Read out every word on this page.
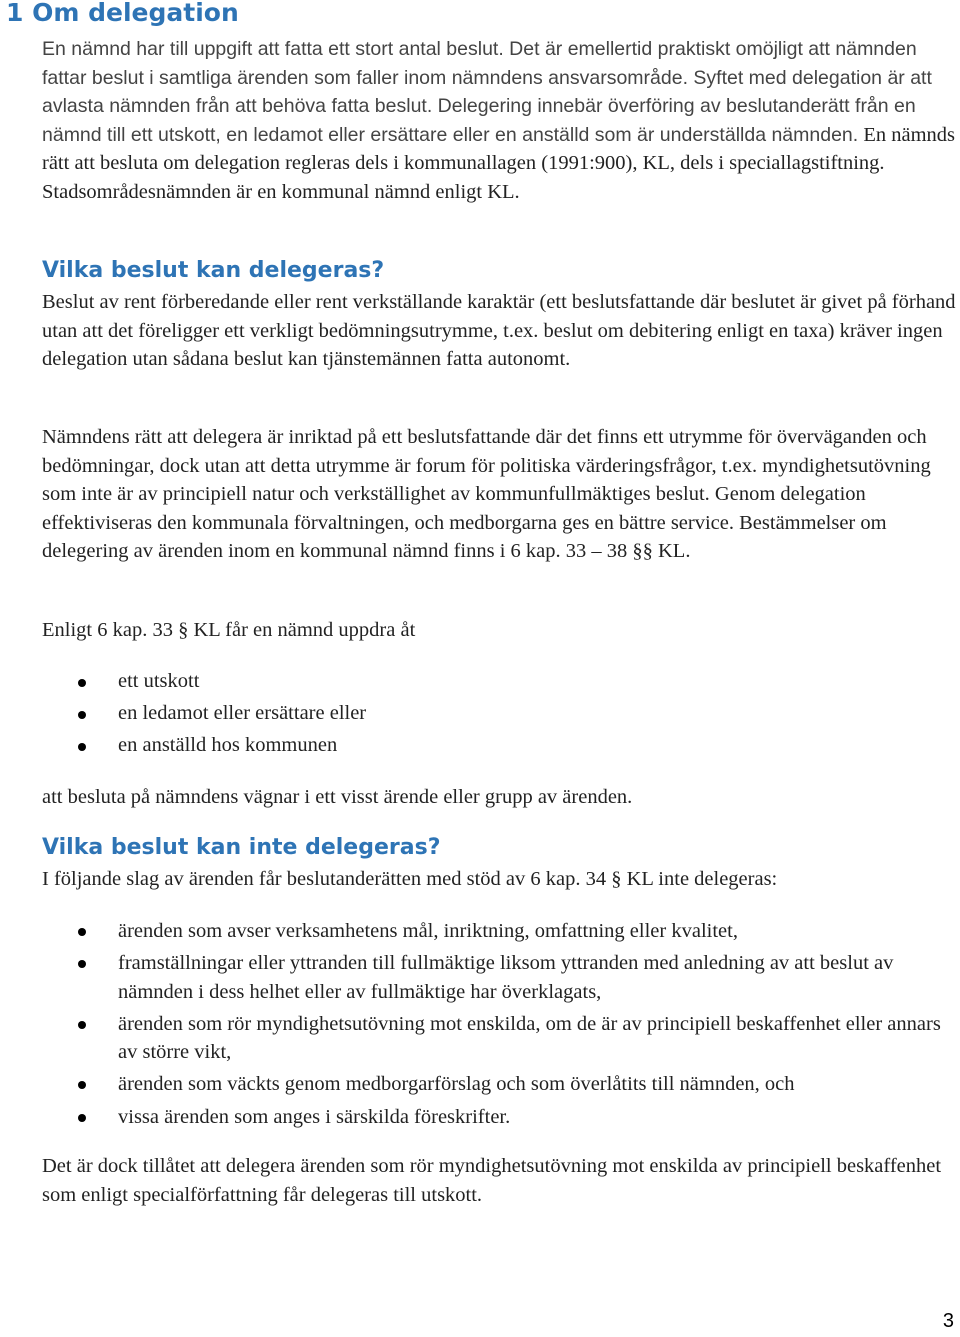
1 Om delegation

En nämnd har till uppgift att fatta ett stort antal beslut. Det är emellertid praktiskt omöjligt att nämnden fattar beslut i samtliga ärenden som faller inom nämndens ansvarsområde. Syftet med delegation är att avlasta nämnden från att behöva fatta beslut. Delegering innebär överföring av beslutanderätt från en nämnd till ett utskott, en ledamot eller ersättare eller en anställd som är underställda nämnden. En nämnds rätt att besluta om delegation regleras dels i kommunallagen (1991:900), KL, dels i speciallagstiftning. Stadsområdesnämnden är en kommunal nämnd enligt KL.

Vilka beslut kan delegeras?

Beslut av rent förberedande eller rent verkställande karaktär (ett beslutsfattande där beslutet är givet på förhand utan att det föreligger ett verkligt bedömningsutrymme, t.ex. beslut om debitering enligt en taxa) kräver ingen delegation utan sådana beslut kan tjänstemännen fatta autonomt.

Nämndens rätt att delegera är inriktad på ett beslutsfattande där det finns ett utrymme för överväganden och bedömningar, dock utan att detta utrymme är forum för politiska värderingsfrågor, t.ex. myndighetsutövning som inte är av principiell natur och verkställighet av kommunfullmäktiges beslut. Genom delegation effektiviseras den kommunala förvaltningen, och medborgarna ges en bättre service. Bestämmelser om delegering av ärenden inom en kommunal nämnd finns i 6 kap. 33 – 38 §§ KL.

Enligt 6 kap. 33 § KL får en nämnd uppdra åt

ett utskott
en ledamot eller ersättare eller
en anställd hos kommunen

att besluta på nämndens vägnar i ett visst ärende eller grupp av ärenden.

Vilka beslut kan inte delegeras?

I följande slag av ärenden får beslutanderätten med stöd av 6 kap. 34 § KL inte delegeras:

ärenden som avser verksamhetens mål, inriktning, omfattning eller kvalitet,
framställningar eller yttranden till fullmäktige liksom yttranden med anledning av att beslut av nämnden i dess helhet eller av fullmäktige har överklagats,
ärenden som rör myndighetsutövning mot enskilda, om de är av principiell beskaffenhet eller annars av större vikt,
ärenden som väckts genom medborgarförslag och som överlåtits till nämnden, och
vissa ärenden som anges i särskilda föreskrifter.

Det är dock tillåtet att delegera ärenden som rör myndighetsutövning mot enskilda av principiell beskaffenhet som enligt specialförfattning får delegeras till utskott.

3
